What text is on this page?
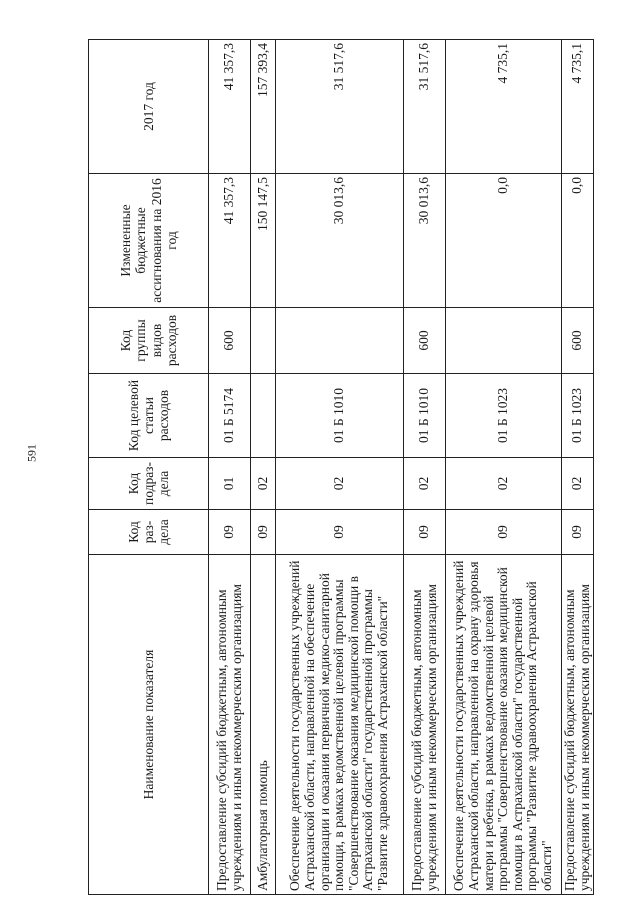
591
Наименование показателя	Код раз-дела	Код подраз-дела	Код целевой статьи расходов	Код группы видов расходов	Измененные бюджетные ассигнования на 2016 год	2017 год
Предоставление субсидий бюджетным, автономным учреждениям и иным некоммерческим организациям	09	01	01 Б 5174	600	41 357,3	41 357,3
Амбулаторная помощь	09	02			150 147,5	157 393,4
Обеспечение деятельности государственных учреждений Астраханской области, направленной на обеспечение организации и оказания первичной медико-санитарной помощи, в рамках ведомственной целевой программы "Совершенствование оказания медицинской помощи в Астраханской области" государственной программы "Развитие здравоохранения Астраханской области"	09	02	01 Б 1010		30 013,6	31 517,6
Предоставление субсидий бюджетным, автономным учреждениям и иным некоммерческим организациям	09	02	01 Б 1010	600	30 013,6	31 517,6
Обеспечение деятельности государственных учреждений Астраханской области, направленной на охрану здоровья матери и ребенка, в рамках ведомственной целевой программы "Совершенствование оказания медицинской помощи в Астраханской области" государственной программы "Развитие здравоохранения Астраханской области"	09	02	01 Б 1023		0,0	4 735,1
Предоставление субсидий бюджетным, автономным учреждениям и иным некоммерческим организациям	09	02	01 Б 1023	600	0,0	4 735,1
